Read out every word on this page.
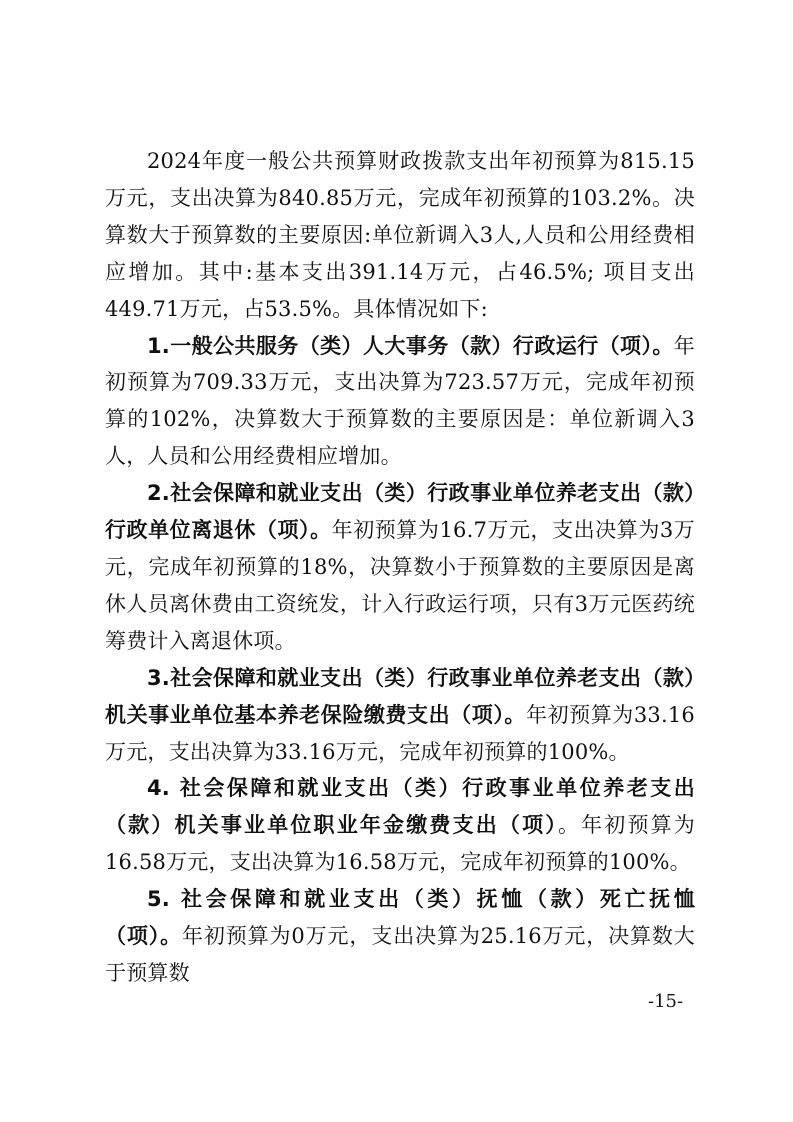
2024年度一般公共预算财政拨款支出年初预算为815.15万元，支出决算为840.85万元，完成年初预算的103.2%。决算数大于预算数的主要原因:单位新调入3人,人员和公用经费相应增加。其中:基本支出391.14万元，占46.5%; 项目支出449.71万元，占53.5%。具体情况如下:

1.一般公共服务（类）人大事务（款）行政运行（项）。年初预算为709.33万元，支出决算为723.57万元，完成年初预算的102%，决算数大于预算数的主要原因是：单位新调入3人，人员和公用经费相应增加。

2.社会保障和就业支出（类）行政事业单位养老支出（款）行政单位离退休（项）。年初预算为16.7万元，支出决算为3万元，完成年初预算的18%，决算数小于预算数的主要原因是离休人员离休费由工资统发，计入行政运行项，只有3万元医药统筹费计入离退休项。

3.社会保障和就业支出（类）行政事业单位养老支出（款）机关事业单位基本养老保险缴费支出（项）。年初预算为33.16万元，支出决算为33.16万元，完成年初预算的100%。

4. 社会保障和就业支出（类）行政事业单位养老支出（款）机关事业单位职业年金缴费支出（项）。年初预算为16.58万元，支出决算为16.58万元，完成年初预算的100%。

5. 社会保障和就业支出（类）抚恤（款）死亡抚恤（项）。年初预算为0万元，支出决算为25.16万元，决算数大于预算数

-15-
